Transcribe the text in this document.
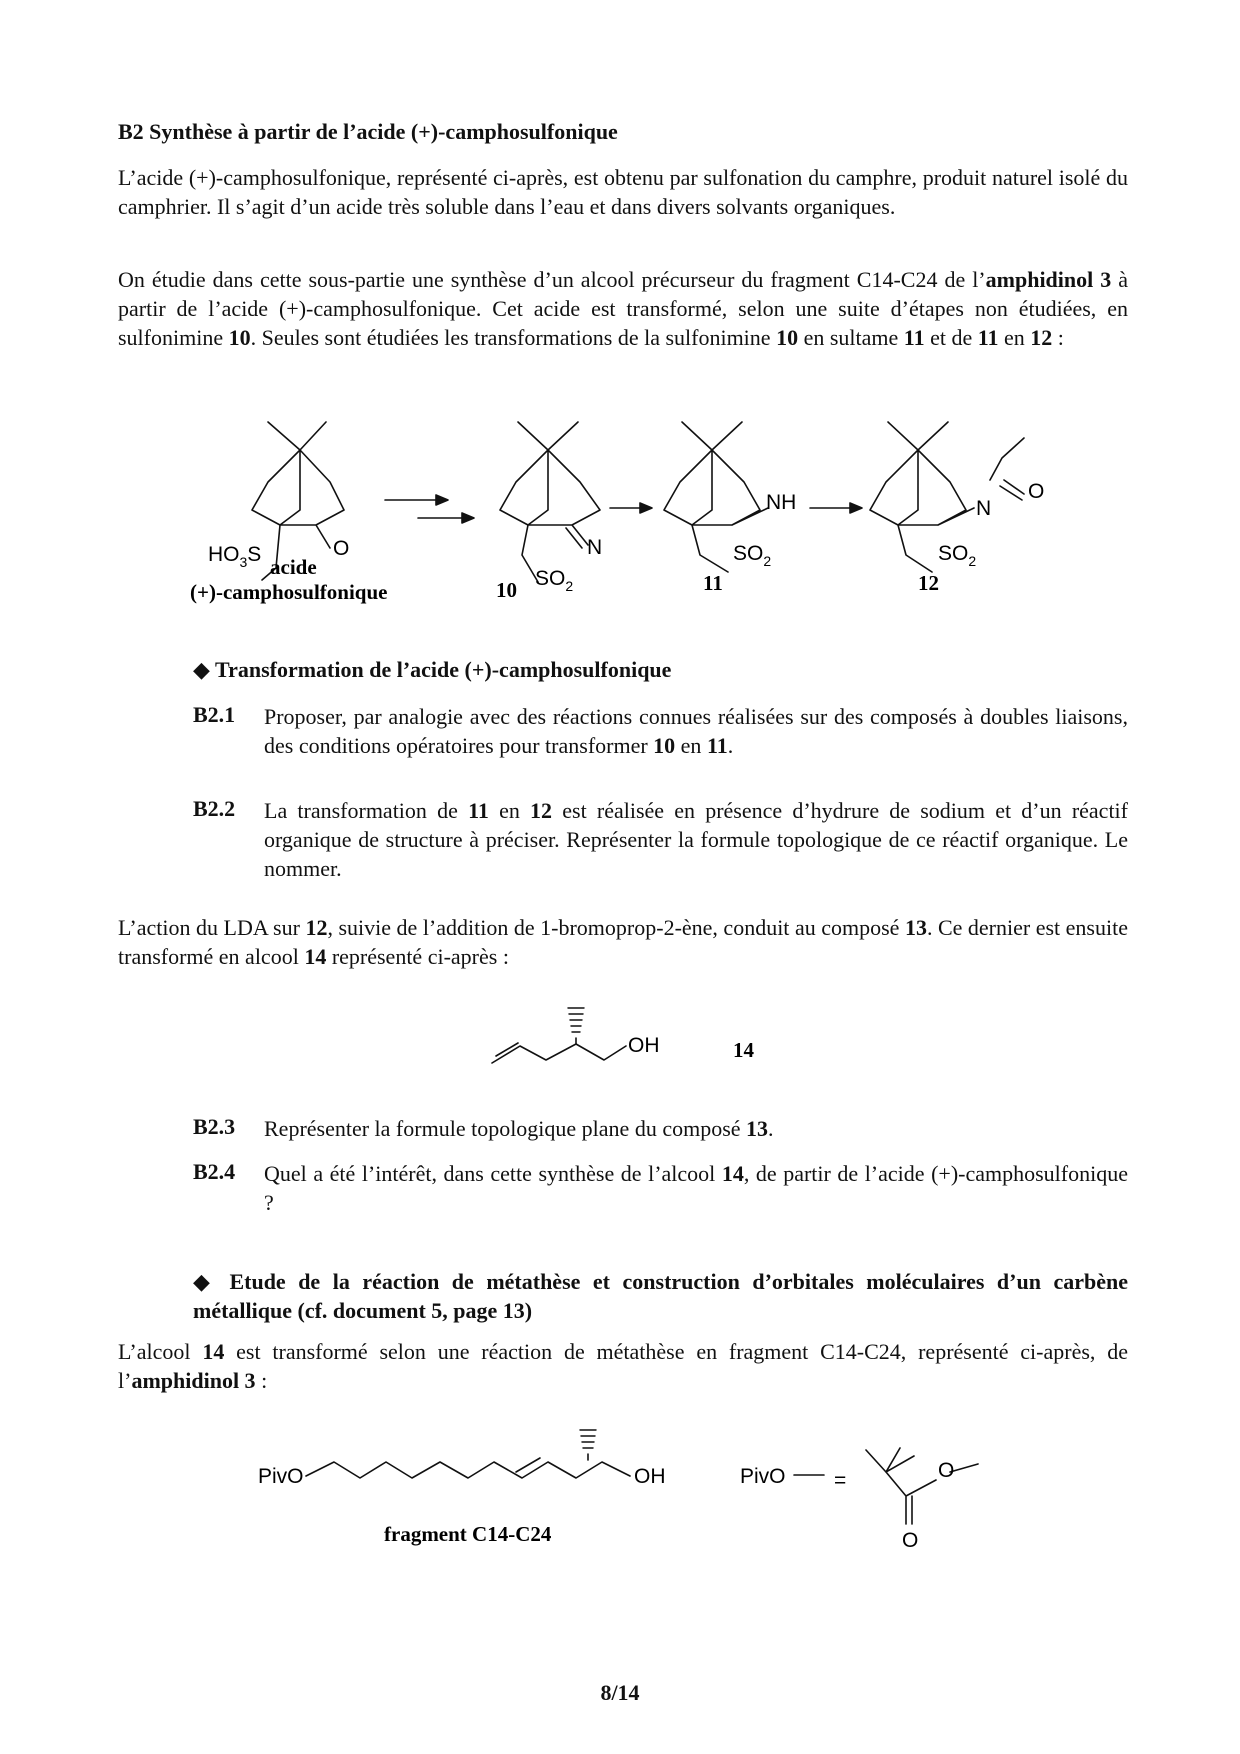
B2 Synthèse à partir de l’acide (+)-camphosulfonique
L’acide (+)-camphosulfonique, représenté ci-après, est obtenu par sulfonation du camphre, produit naturel isolé du camphrier. Il s’agit d’un acide très soluble dans l’eau et dans divers solvants organiques.
On étudie dans cette sous-partie une synthèse d’un alcool précurseur du fragment C14-C24 de l’amphidinol 3 à partir de l’acide (+)-camphosulfonique. Cet acide est transformé, selon une suite d’étapes non étudiées, en sulfonimine 10. Seules sont étudiées les transformations de la sulfonimine 10 en sultame 11 et de 11 en 12 :
$HO_3S$	O
acide
(+)-camphosulfonique
N
$SO_2$
10
NH
$SO_2$
11
N
O
$SO_2$
12
◆ Transformation de l’acide (+)-camphosulfonique
B2.1 Proposer, par analogie avec des réactions connues réalisées sur des composés à doubles liaisons, des conditions opératoires pour transformer 10 en 11.
B2.2 La transformation de 11 en 12 est réalisée en présence d’hydrure de sodium et d’un réactif organique de structure à préciser. Représenter la formule topologique de ce réactif organique. Le nommer.
L’action du LDA sur 12, suivie de l’addition de 1-bromoprop-2-ène, conduit au composé 13. Ce dernier est ensuite transformé en alcool 14 représenté ci-après :
OH	14
B2.3 Représenter la formule topologique plane du composé 13.
B2.4 Quel a été l’intérêt, dans cette synthèse de l’alcool 14, de partir de l’acide (+)-camphosulfonique ?
◆ Etude de la réaction de métathèse et construction d’orbitales moléculaires d’un carbène métallique (cf. document 5, page 13)
L’alcool 14 est transformé selon une réaction de métathèse en fragment C14-C24, représenté ci-après, de l’amphidinol 3 :
PivO	OH
fragment C14-C24
PivO =	O
O
8/14
